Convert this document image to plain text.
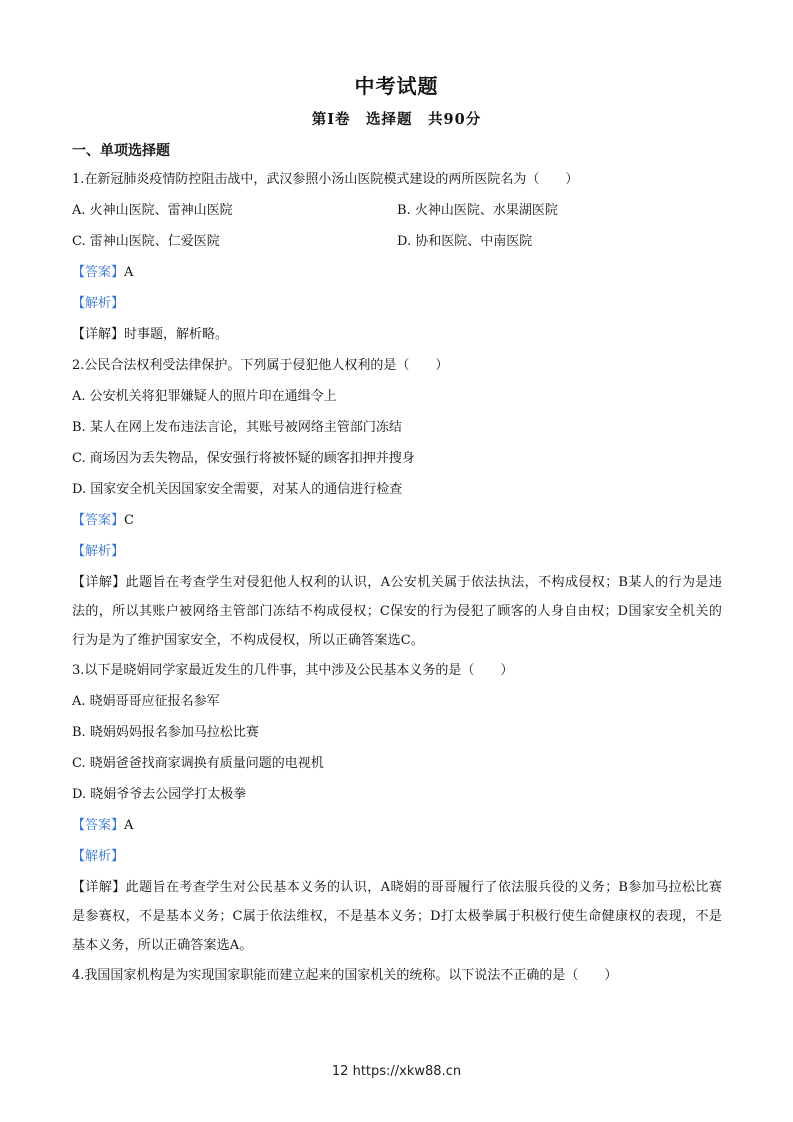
中考试题
第Ⅰ卷　选择题　共90分
一、单项选择题
1.在新冠肺炎疫情防控阻击战中，武汉参照小汤山医院模式建设的两所医院名为（　　）
A. 火神山医院、雷神山医院	B. 火神山医院、水果湖医院
C. 雷神山医院、仁爱医院	D. 协和医院、中南医院
【答案】A
【解析】
【详解】时事题，解析略。
2.公民合法权利受法律保护。下列属于侵犯他人权利的是（　　）
A. 公安机关将犯罪嫌疑人的照片印在通缉令上
B. 某人在网上发布违法言论，其账号被网络主管部门冻结
C. 商场因为丢失物品，保安强行将被怀疑的顾客扣押并搜身
D. 国家安全机关因国家安全需要，对某人的通信进行检查
【答案】C
【解析】
【详解】此题旨在考查学生对侵犯他人权利的认识，A公安机关属于依法执法，不构成侵权；B某人的行为是违法的，所以其账户被网络主管部门冻结不构成侵权；C保安的行为侵犯了顾客的人身自由权；D国家安全机关的行为是为了维护国家安全，不构成侵权，所以正确答案选C。
3.以下是晓娟同学家最近发生的几件事，其中涉及公民基本义务的是（　　）
A. 晓娟哥哥应征报名参军
B. 晓娟妈妈报名参加马拉松比赛
C. 晓娟爸爸找商家调换有质量问题的电视机
D. 晓娟爷爷去公园学打太极拳
【答案】A
【解析】
【详解】此题旨在考查学生对公民基本义务的认识，A晓娟的哥哥履行了依法服兵役的义务；B参加马拉松比赛是参赛权，不是基本义务；C属于依法维权，不是基本义务；D打太极拳属于积极行使生命健康权的表现，不是基本义务，所以正确答案选A。
4.我国国家机构是为实现国家职能而建立起来的国家机关的统称。以下说法不正确的是（　　）
12 https://xkw88.cn
